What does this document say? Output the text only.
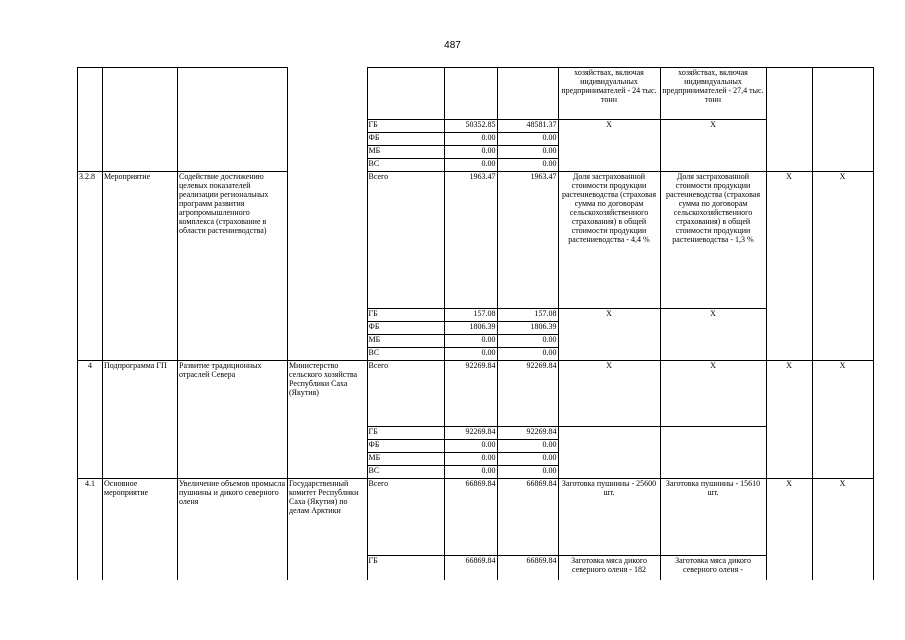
487
								хозяйствах, включая индивидуальных предпринимателей - 24 тыс. тонн	хозяйствах, включая индивидуальных предпринимателей - 27,4 тыс. тонн		
					ГБ	50352.85	48581.37	Х	Х		
					ФБ	0.00	0.00				
					МБ	0.00	0.00				
					ВС	0.00	0.00				
3.2.8	Мероприятие	Содействие достижению целевых показателей реализации региональных программ развития агропромышленного комплекса (страхование в области растениеводства)			Всего	1963.47	1963.47	Доля застрахованной стоимости продукции растениеводства (страховая сумма по договорам сельскохозяйственного страхования) в общей стоимости продукции растениеводства - 4,4 %	Доля застрахованной стоимости продукции растениеводства (страховая сумма по договорам сельскохозяйственного страхования) в общей стоимости продукции растениеводства - 1,3 %	Х	Х
					ГБ	157.08	157.08	Х	Х		
					ФБ	1806.39	1806.39				
					МБ	0.00	0.00				
					ВС	0.00	0.00				
4	Подпрограмма ГП	Развитие традиционных отраслей Севера	Министерство сельского хозяйства Республики Саха (Якутия)		Всего	92269.84	92269.84	Х	Х	Х	Х
					ГБ	92269.84	92269.84				
					ФБ	0.00	0.00				
					МБ	0.00	0.00				
					ВС	0.00	0.00				
4.1	Основное мероприятие	Увеличение объемов промысла пушнины и дикого северного оленя	Государственный комитет Республики Саха (Якутия) по делам Арктики		Всего	66869.84	66869.84	Заготовка пушнины - 25600 шт.	Заготовка пушнины - 15610 шт.	Х	Х
					ГБ	66869.84	66869.84	Заготовка мяса дикого северного оленя - 182	Заготовка мяса дикого северного оленя -		
